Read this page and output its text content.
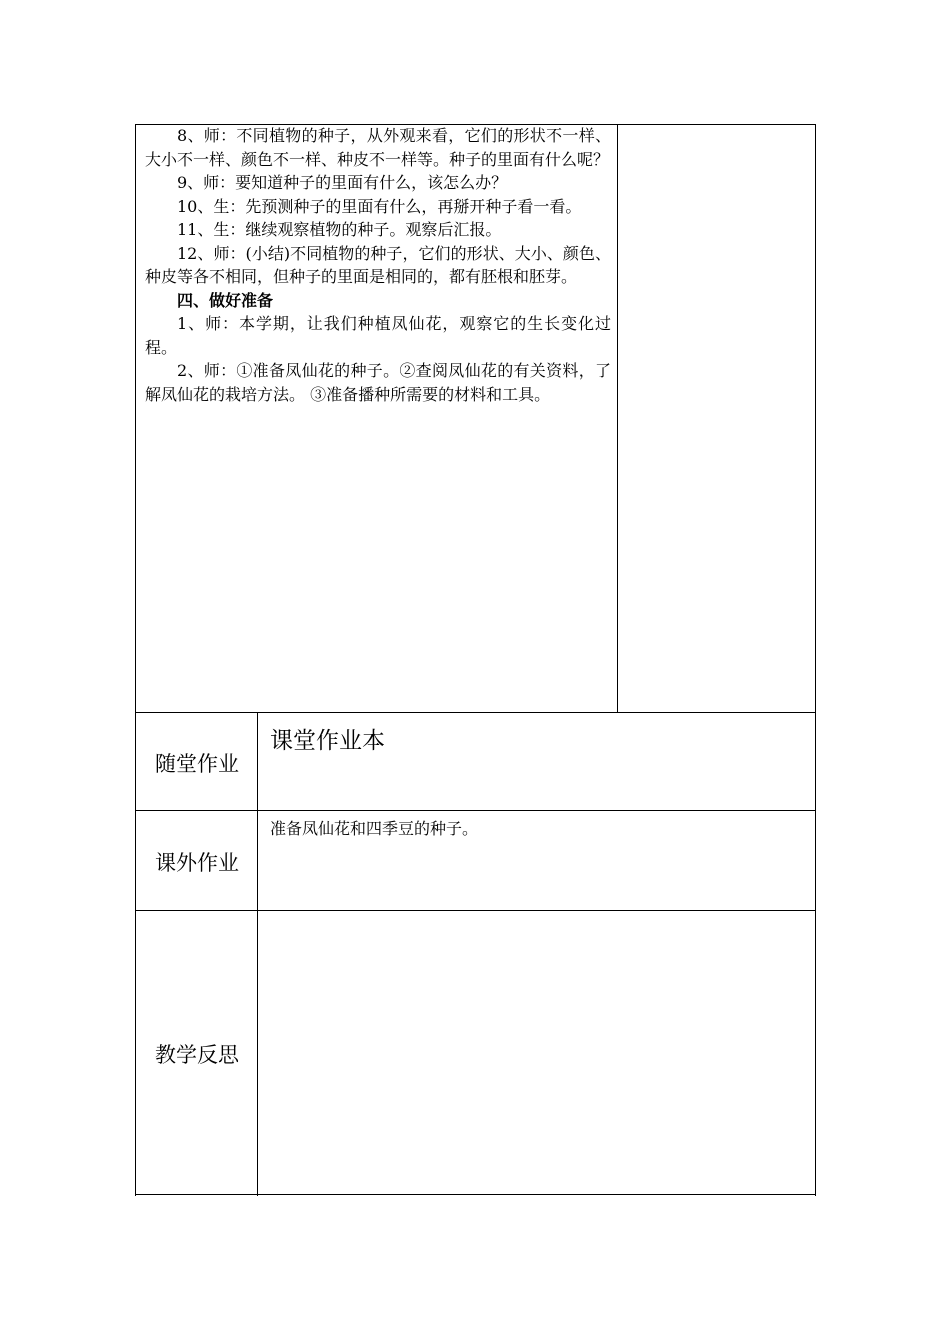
8、师：不同植物的种子，从外观来看，它们的形状不一样、大小不一样、颜色不一样、种皮不一样等。种子的里面有什么呢？

9、师：要知道种子的里面有什么，该怎么办？

10、生：先预测种子的里面有什么，再掰开种子看一看。

11、生：继续观察植物的种子。观察后汇报。

12、师：(小结)不同植物的种子，它们的形状、大小、颜色、种皮等各不相同，但种子的里面是相同的，都有胚根和胚芽。

四、做好准备

1、师：本学期，让我们种植凤仙花，观察它的生长变化过程。

2、师：①准备凤仙花的种子。②查阅凤仙花的有关资料，了解凤仙花的栽培方法。 ③准备播种所需要的材料和工具。

随堂作业
课外作业
教学反思
课堂作业本
准备凤仙花和四季豆的种子。
